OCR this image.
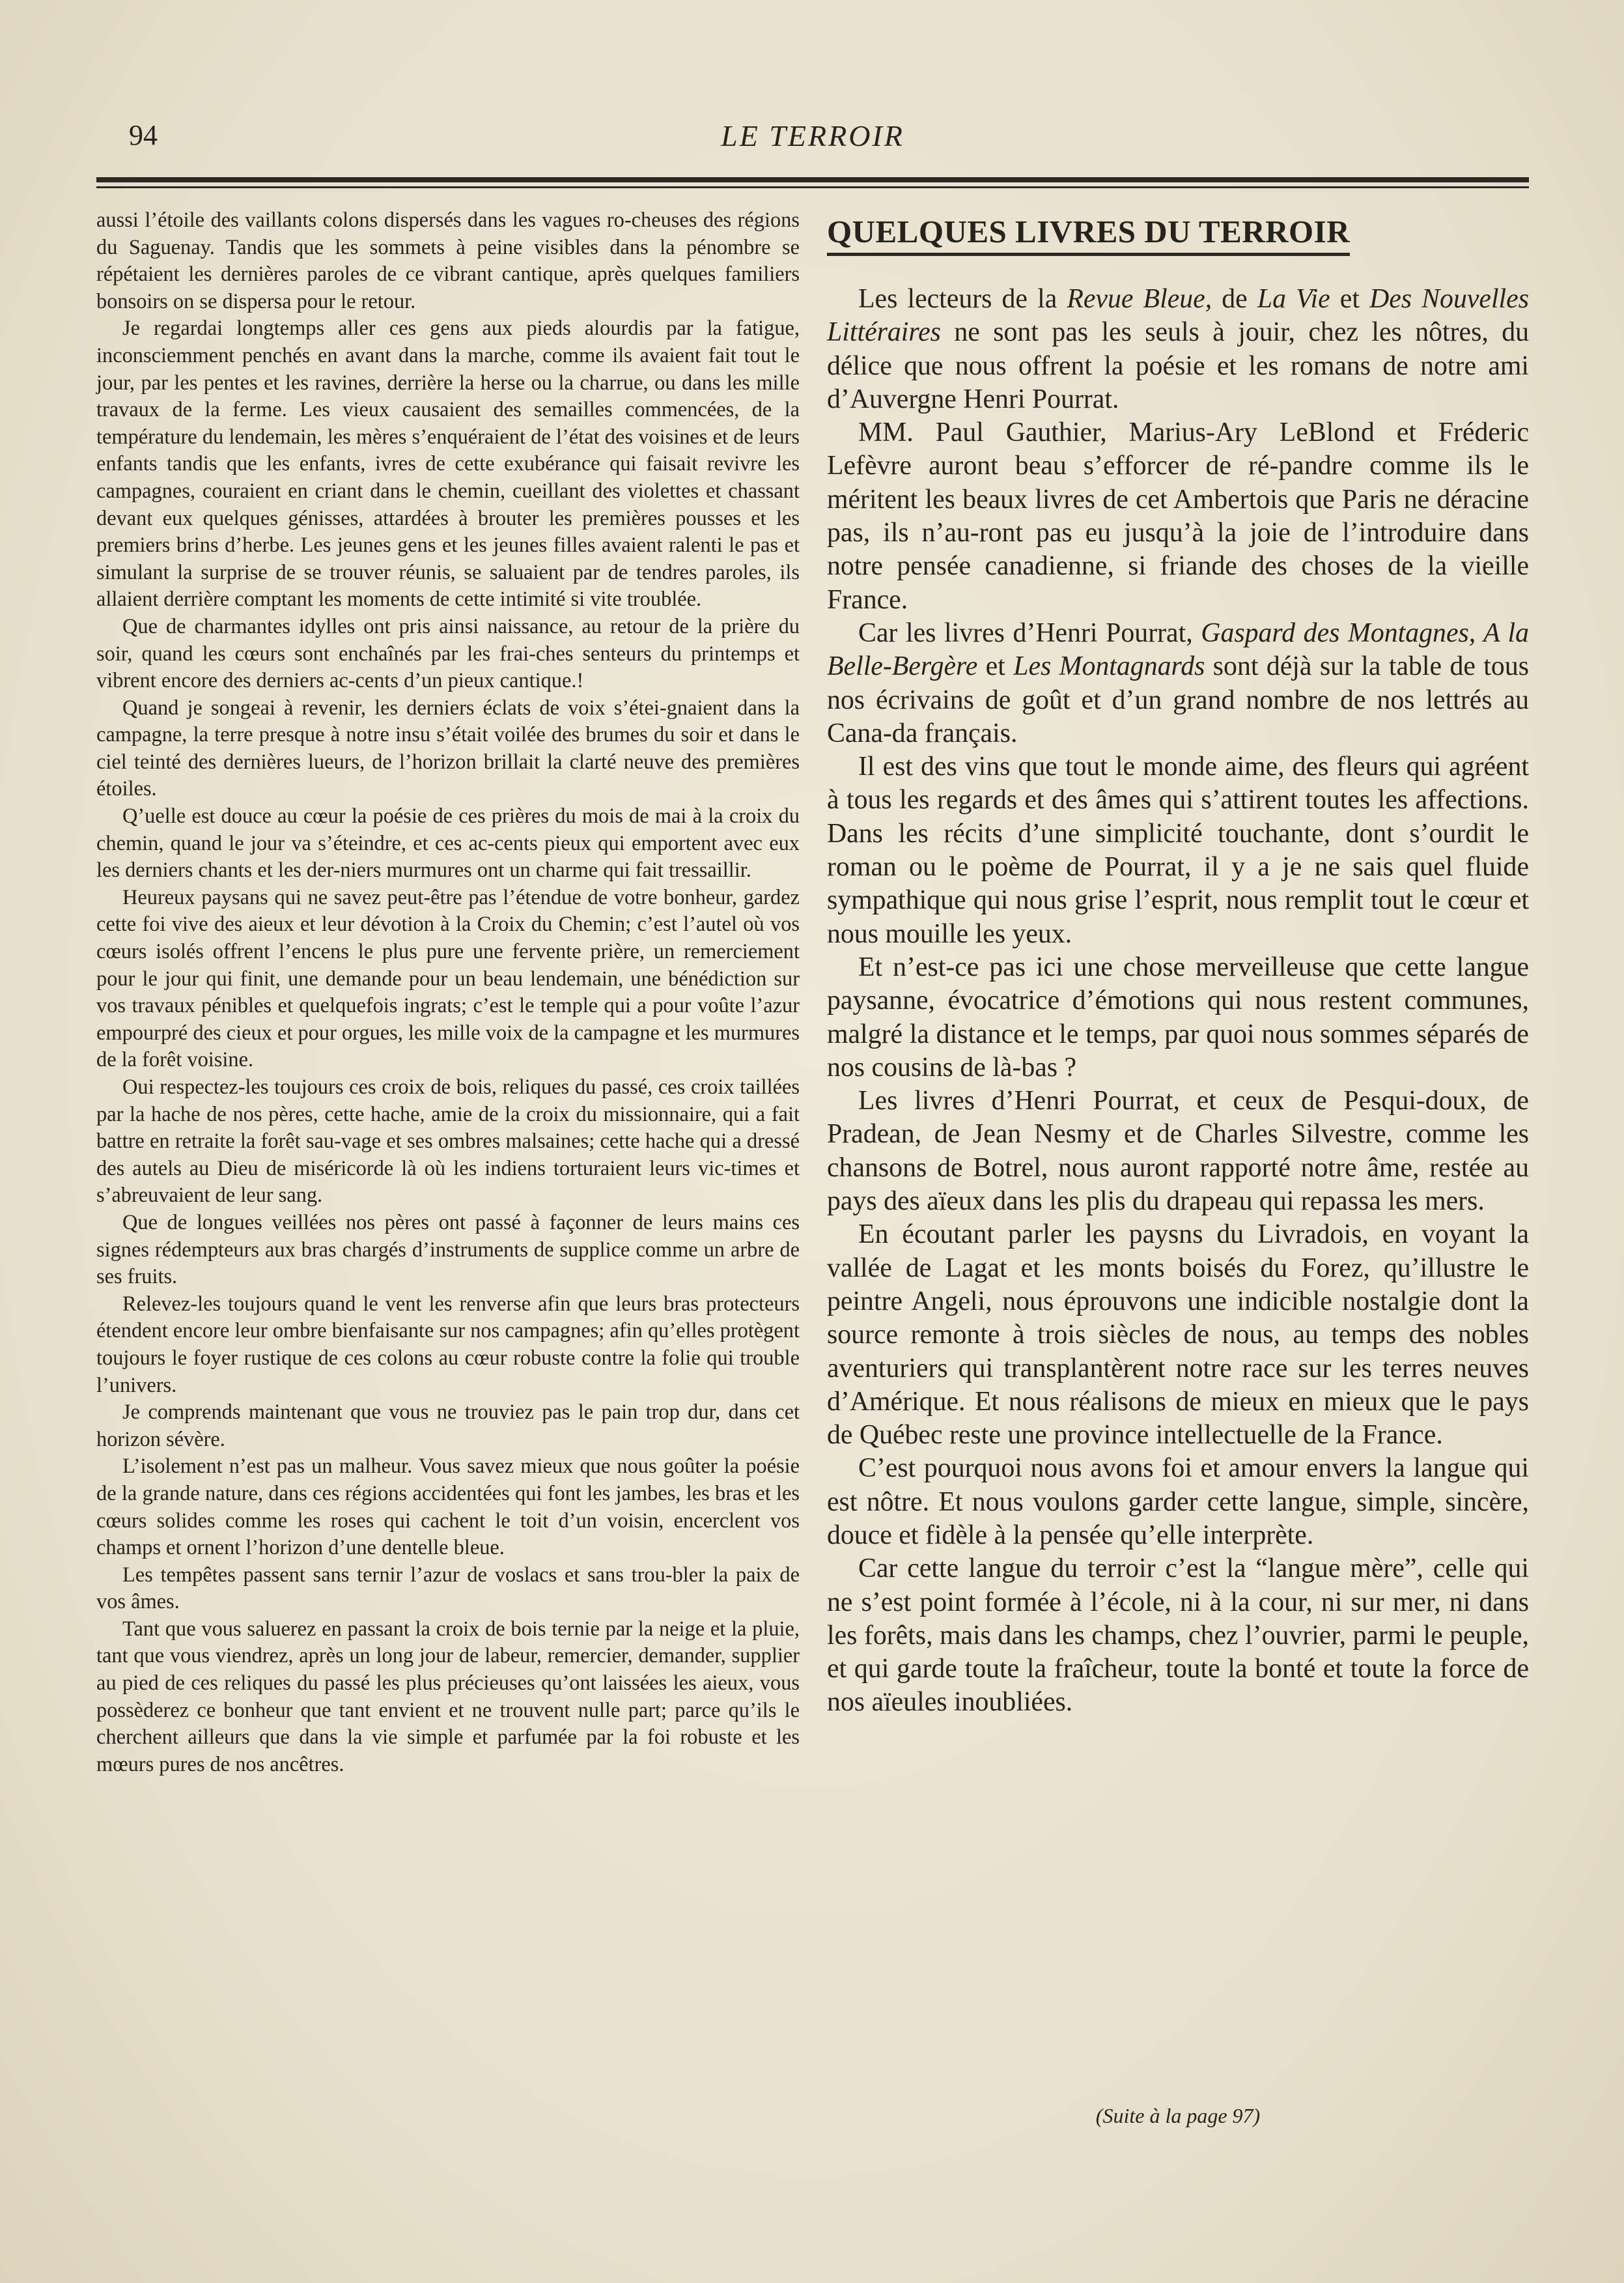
94	LE TERROIR

aussi l’étoile des vaillants colons dispersés dans les vagues ro-cheuses des régions du Saguenay. Tandis que les sommets à peine visibles dans la pénombre se répétaient les dernières paroles de ce vibrant cantique, après quelques familiers bonsoirs on se dispersa pour le retour.

Je regardai longtemps aller ces gens aux pieds alourdis par la fatigue, inconsciemment penchés en avant dans la marche, comme ils avaient fait tout le jour, par les pentes et les ravines, derrière la herse ou la charrue, ou dans les mille travaux de la ferme. Les vieux causaient des semailles commencées, de la température du lendemain, les mères s’enquéraient de l’état des voisines et de leurs enfants tandis que les enfants, ivres de cette exubérance qui faisait revivre les campagnes, couraient en criant dans le chemin, cueillant des violettes et chassant devant eux quelques génisses, attardées à brouter les premières pousses et les premiers brins d’herbe. Les jeunes gens et les jeunes filles avaient ralenti le pas et simulant la surprise de se trouver réunis, se saluaient par de tendres paroles, ils allaient derrière comptant les moments de cette intimité si vite troublée.

Que de charmantes idylles ont pris ainsi naissance, au retour de la prière du soir, quand les cœurs sont enchaînés par les frai-ches senteurs du printemps et vibrent encore des derniers ac-cents d’un pieux cantique.!

Quand je songeai à revenir, les derniers éclats de voix s’étei-gnaient dans la campagne, la terre presque à notre insu s’était voilée des brumes du soir et dans le ciel teinté des dernières lueurs, de l’horizon brillait la clarté neuve des premières étoiles.

Q’uelle est douce au cœur la poésie de ces prières du mois de mai à la croix du chemin, quand le jour va s’éteindre, et ces ac-cents pieux qui emportent avec eux les derniers chants et les der-niers murmures ont un charme qui fait tressaillir.

Heureux paysans qui ne savez peut-être pas l’étendue de votre bonheur, gardez cette foi vive des aieux et leur dévotion à la Croix du Chemin; c’est l’autel où vos cœurs isolés offrent l’encens le plus pure une fervente prière, un remerciement pour le jour qui finit, une demande pour un beau lendemain, une bénédiction sur vos travaux pénibles et quelquefois ingrats; c’est le temple qui a pour voûte l’azur empourpré des cieux et pour orgues, les mille voix de la campagne et les murmures de la forêt voisine.

Oui respectez-les toujours ces croix de bois, reliques du passé, ces croix taillées par la hache de nos pères, cette hache, amie de la croix du missionnaire, qui a fait battre en retraite la forêt sau-vage et ses ombres malsaines; cette hache qui a dressé des autels au Dieu de miséricorde là où les indiens torturaient leurs vic-times et s’abreuvaient de leur sang.

Que de longues veillées nos pères ont passé à façonner de leurs mains ces signes rédempteurs aux bras chargés d’instruments de supplice comme un arbre de ses fruits.

Relevez-les toujours quand le vent les renverse afin que leurs bras protecteurs étendent encore leur ombre bienfaisante sur nos campagnes; afin qu’elles protègent toujours le foyer rustique de ces colons au cœur robuste contre la folie qui trouble l’univers.

Je comprends maintenant que vous ne trouviez pas le pain trop dur, dans cet horizon sévère.

L’isolement n’est pas un malheur. Vous savez mieux que nous goûter la poésie de la grande nature, dans ces régions accidentées qui font les jambes, les bras et les cœurs solides comme les roses qui cachent le toit d’un voisin, encerclent vos champs et ornent l’horizon d’une dentelle bleue.

Les tempêtes passent sans ternir l’azur de voslacs et sans trou-bler la paix de vos âmes.

Tant que vous saluerez en passant la croix de bois ternie par la neige et la pluie, tant que vous viendrez, après un long jour de labeur, remercier, demander, supplier au pied de ces reliques du passé les plus précieuses qu’ont laissées les aieux, vous possèderez ce bonheur que tant envient et ne trouvent nulle part; parce qu’ils le cherchent ailleurs que dans la vie simple et parfumée par la foi robuste et les mœurs pures de nos ancêtres.

QUELQUES LIVRES DU TERROIR

Les lecteurs de la Revue Bleue, de La Vie et Des Nouvelles Littéraires ne sont pas les seuls à jouir, chez les nôtres, du délice que nous offrent la poésie et les romans de notre ami d’Auvergne Henri Pourrat.

MM. Paul Gauthier, Marius-Ary LeBlond et Fréderic Lefèvre auront beau s’efforcer de ré-pandre comme ils le méritent les beaux livres de cet Ambertois que Paris ne déracine pas, ils n’au-ront pas eu jusqu’à la joie de l’introduire dans notre pensée canadienne, si friande des choses de la vieille France.

Car les livres d’Henri Pourrat, Gaspard des Montagnes, A la Belle-Bergère et Les Montagnards sont déjà sur la table de tous nos écrivains de goût et d’un grand nombre de nos lettrés au Cana-da français.

Il est des vins que tout le monde aime, des fleurs qui agréent à tous les regards et des âmes qui s’attirent toutes les affections. Dans les récits d’une simplicité touchante, dont s’ourdit le roman ou le poème de Pourrat, il y a je ne sais quel fluide sympathique qui nous grise l’esprit, nous remplit tout le cœur et nous mouille les yeux.

Et n’est-ce pas ici une chose merveilleuse que cette langue paysanne, évocatrice d’émotions qui nous restent communes, malgré la distance et le temps, par quoi nous sommes séparés de nos cousins de là-bas ?

Les livres d’Henri Pourrat, et ceux de Pesqui-doux, de Pradean, de Jean Nesmy et de Charles Silvestre, comme les chansons de Botrel, nous auront rapporté notre âme, restée au pays des aïeux dans les plis du drapeau qui repassa les mers.

En écoutant parler les paysns du Livradois, en voyant la vallée de Lagat et les monts boisés du Forez, qu’illustre le peintre Angeli, nous éprouvons une indicible nostalgie dont la source remonte à trois siècles de nous, au temps des nobles aventuriers qui transplantèrent notre race sur les terres neuves d’Amérique. Et nous réalisons de mieux en mieux que le pays de Québec reste une province intellectuelle de la France.

C’est pourquoi nous avons foi et amour envers la langue qui est nôtre. Et nous voulons garder cette langue, simple, sincère, douce et fidèle à la pensée qu’elle interprète.

Car cette langue du terroir c’est la “langue mère”, celle qui ne s’est point formée à l’école, ni à la cour, ni sur mer, ni dans les forêts, mais dans les champs, chez l’ouvrier, parmi le peuple, et qui garde toute la fraîcheur, toute la bonté et toute la force de nos aïeules inoubliées.

(Suite à la page 97)
